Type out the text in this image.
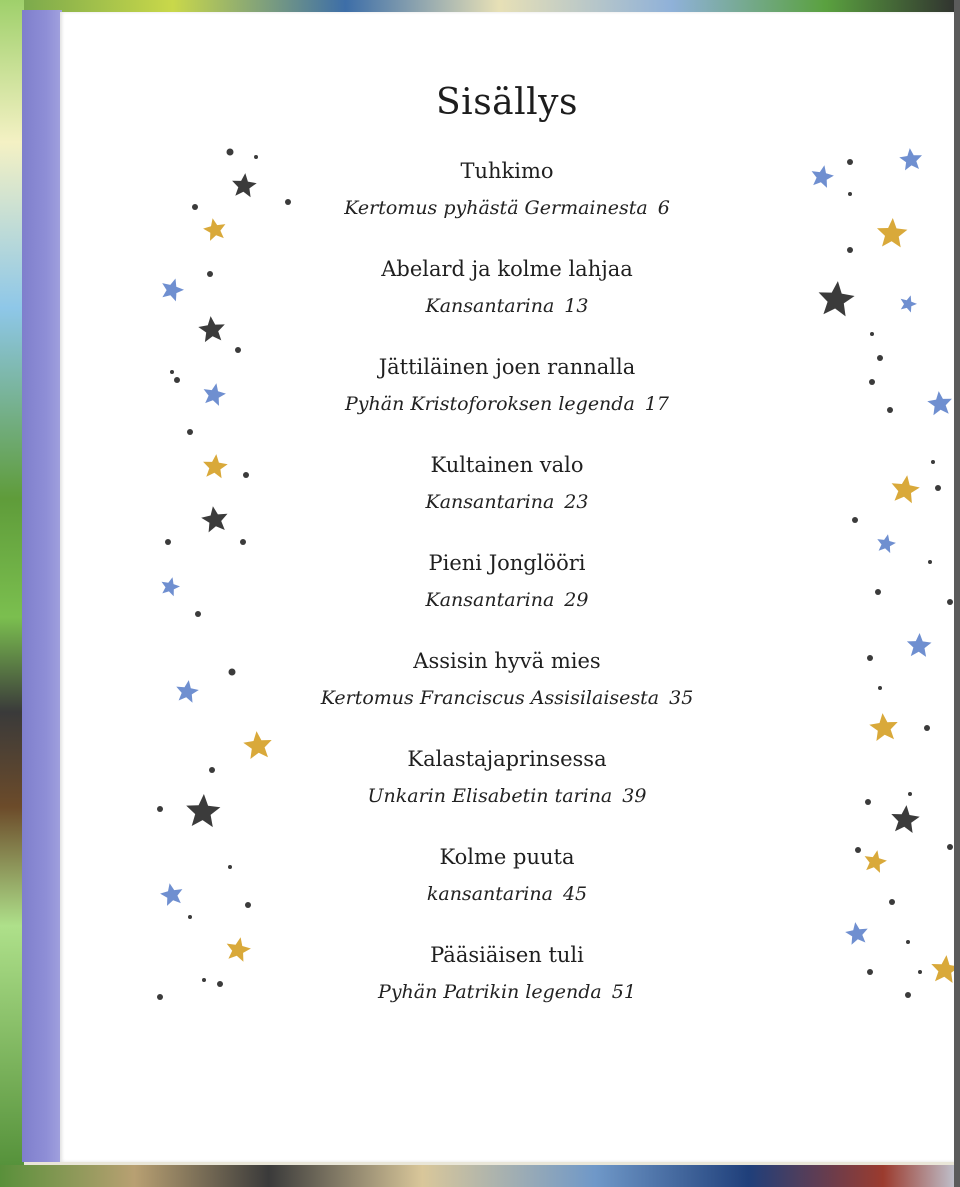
Sisällys
Tuhkimo
Kertomus pyhästä Germainesta 6
Abelard ja kolme lahjaa
Kansantarina 13
Jättiläinen joen rannalla
Pyhän Kristoforoksen legenda 17
Kultainen valo
Kansantarina 23
Pieni Jonglööri
Kansantarina 29
Assisin hyvä mies
Kertomus Franciscus Assisilaisesta 35
Kalastajaprinsessa
Unkarin Elisabetin tarina 39
Kolme puuta
kansantarina 45
Pääsiäisen tuli
Pyhän Patrikin legenda 51
